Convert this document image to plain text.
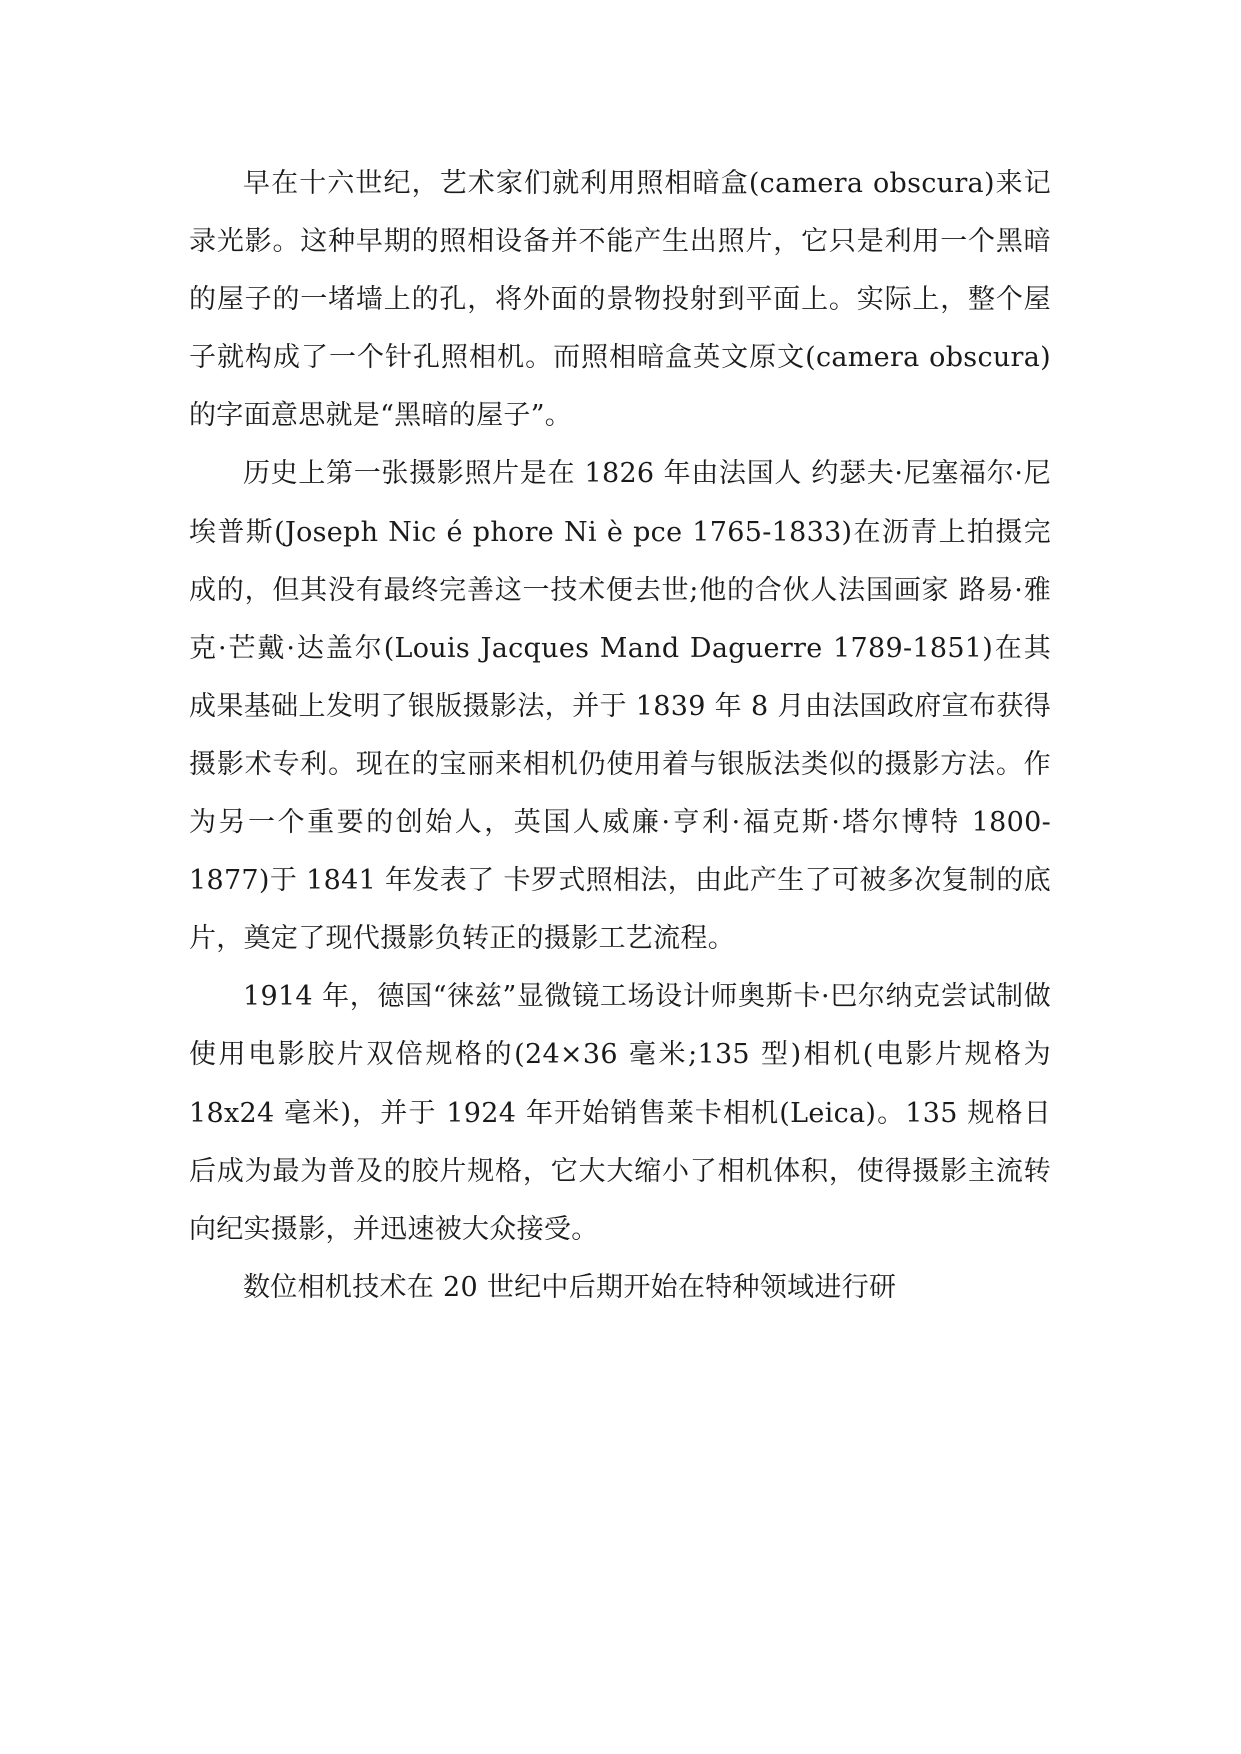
早在十六世纪，艺术家们就利用照相暗盒(camera obscura)来记录光影。这种早期的照相设备并不能产生出照片，它只是利用一个黑暗的屋子的一堵墙上的孔，将外面的景物投射到平面上。实际上，整个屋子就构成了一个针孔照相机。而照相暗盒英文原文(camera obscura)的字面意思就是“黑暗的屋子”。

历史上第一张摄影照片是在 1826 年由法国人 约瑟夫·尼塞福尔·尼埃普斯(Joseph Nic é phore Ni è pce 1765-1833)在沥青上拍摄完成的，但其没有最终完善这一技术便去世;他的合伙人法国画家 路易·雅克·芒戴·达盖尔(Louis Jacques Mand Daguerre 1789-1851)在其成果基础上发明了银版摄影法，并于 1839 年 8 月由法国政府宣布获得摄影术专利。现在的宝丽来相机仍使用着与银版法类似的摄影方法。作为另一个重要的创始人，英国人威廉·亨利·福克斯·塔尔博特 1800-1877)于 1841 年发表了 卡罗式照相法，由此产生了可被多次复制的底片，奠定了现代摄影负转正的摄影工艺流程。

1914 年，德国“徕兹”显微镜工场设计师奥斯卡·巴尔纳克尝试制做使用电影胶片双倍规格的(24×36 毫米;135 型)相机(电影片规格为 18x24 毫米)，并于 1924 年开始销售莱卡相机(Leica)。135 规格日后成为最为普及的胶片规格，它大大缩小了相机体积，使得摄影主流转向纪实摄影，并迅速被大众接受。

数位相机技术在 20 世纪中后期开始在特种领域进行研
